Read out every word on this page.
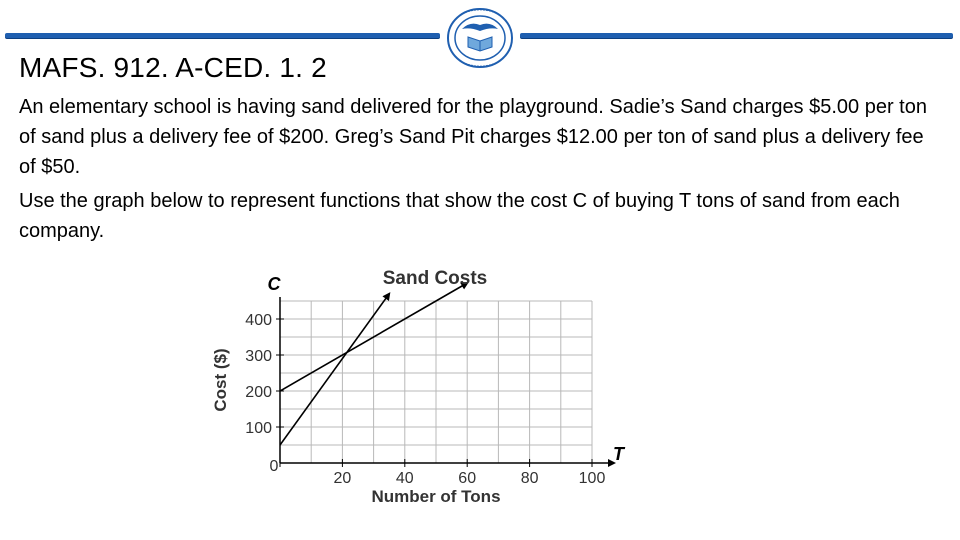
MAFS. 912. A-CED. 1. 2
An elementary school is having sand delivered for the playground. Sadie’s Sand charges $5.00 per ton of sand plus a delivery fee of $200. Greg’s Sand Pit charges $12.00 per ton of sand plus a delivery fee of $50.
Use the graph below to represent functions that show the cost C of buying T tons of sand from each company.
Sand Costs
C
T
Number of Tons
Cost ($)
0
20	40	60	80	100
100
200
300
400
